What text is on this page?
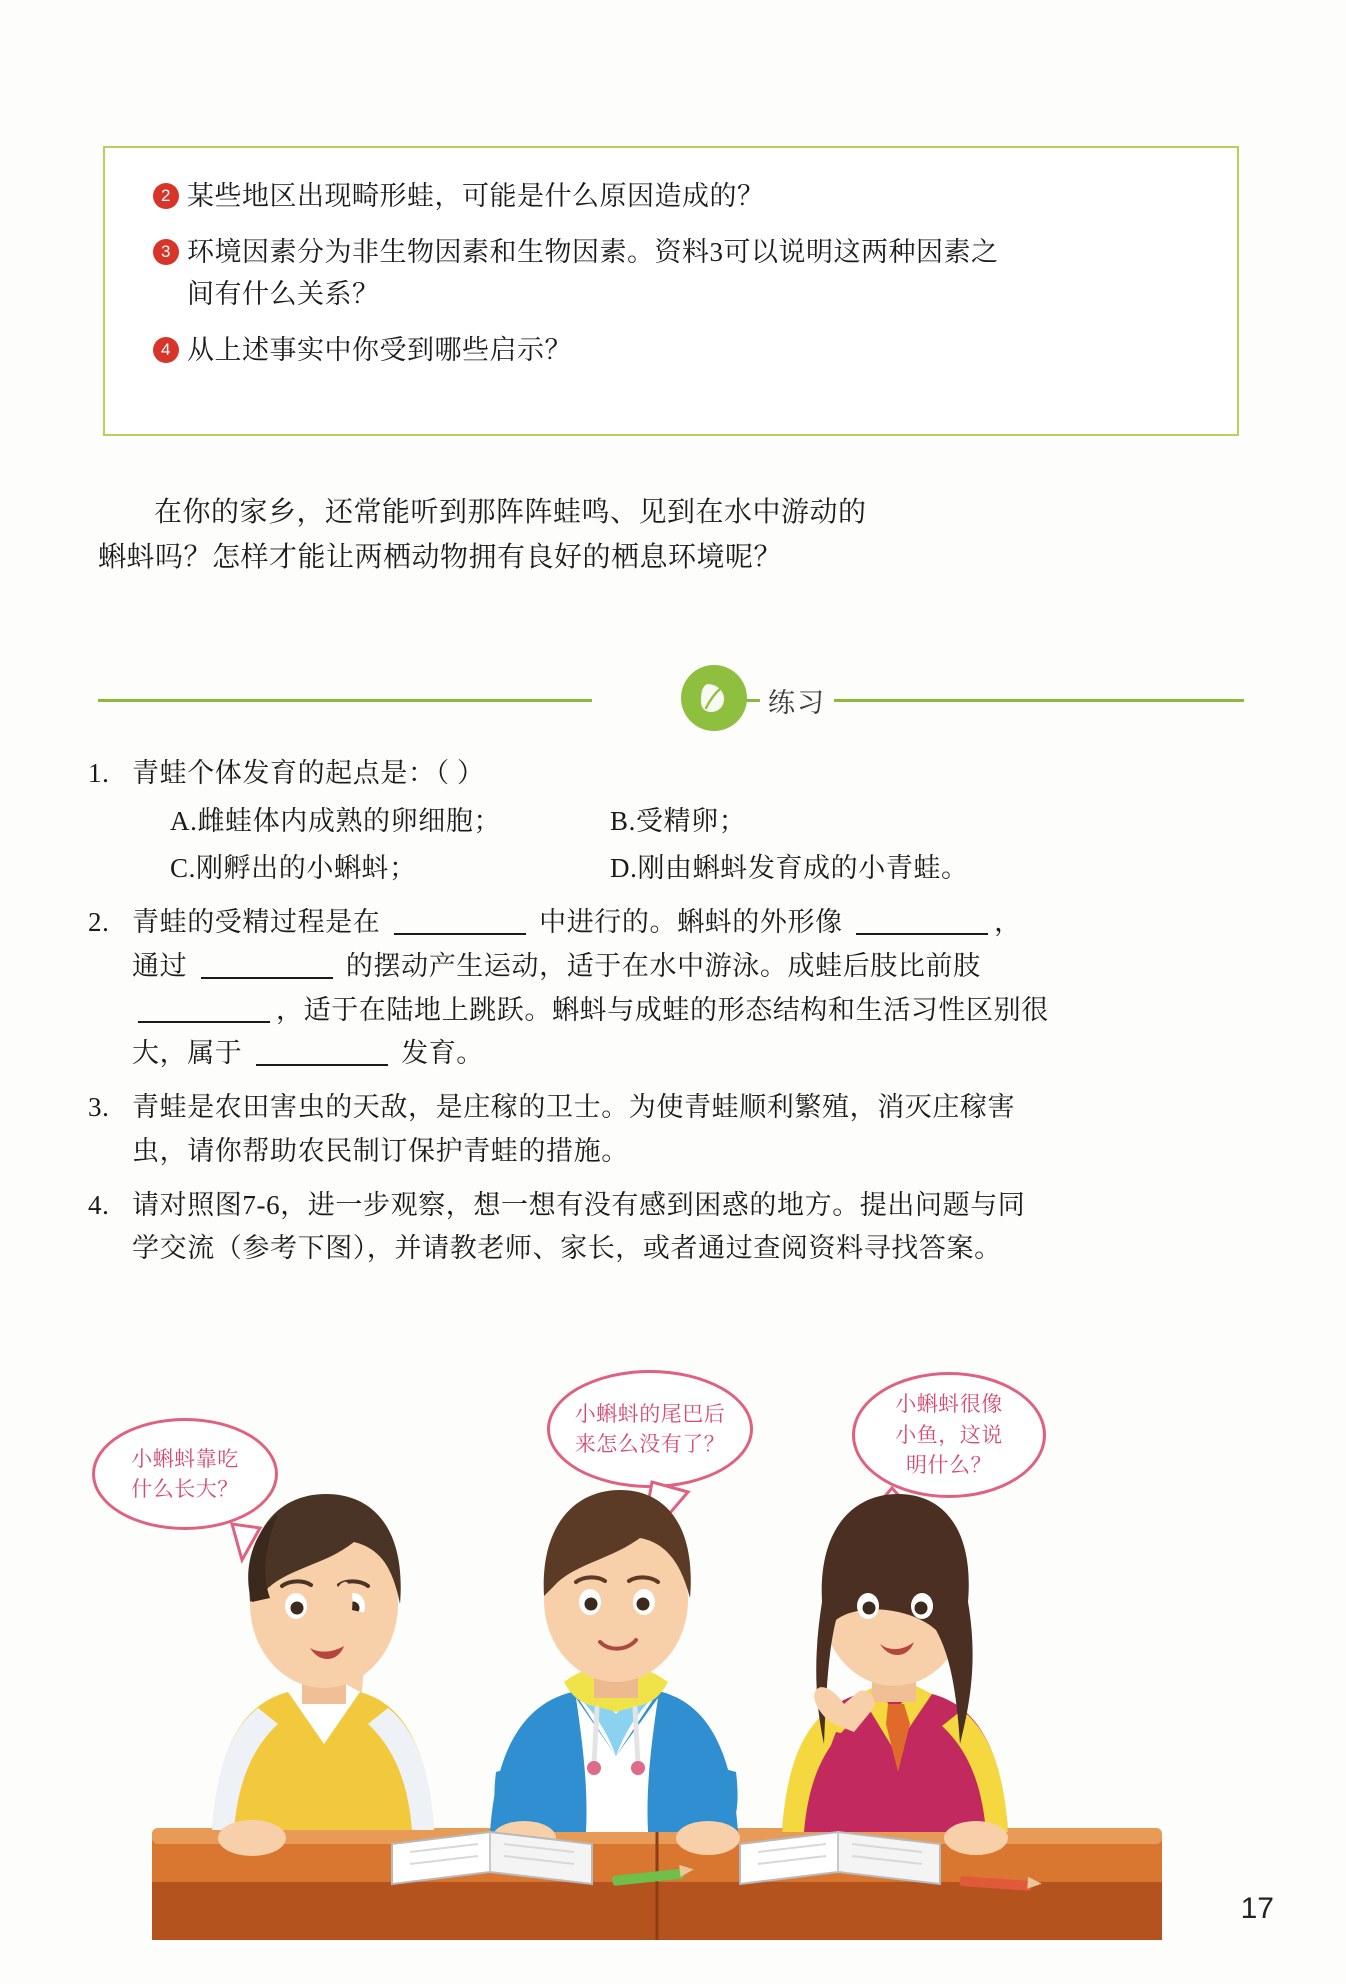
2 某些地区出现畸形蛙，可能是什么原因造成的？
3 环境因素分为非生物因素和生物因素。资料3可以说明这两种因素之
间有什么关系？
4 从上述事实中你受到哪些启示？

在你的家乡，还常能听到那阵阵蛙鸣、见到在水中游动的蝌蚪吗？怎样才能让两栖动物拥有良好的栖息环境呢？

练习
1. 青蛙个体发育的起点是：（ ）

A.雌蛙体内成熟的卵细胞；	B.受精卵；
C.刚孵出的小蝌蚪；	D.刚由蝌蚪发育成的小青蛙。
2. 青蛙的受精过程是在	中进行的。蝌蚪的外形像	，

通过	的摆动产生运动，适于在水中游泳。成蛙后肢比前肢

，适于在陆地上跳跃。蝌蚪与成蛙的形态结构和生活习性区别很

大，属于	发育。

3. 青蛙是农田害虫的天敌，是庄稼的卫士。为使青蛙顺利繁殖，消灭庄稼害

虫，请你帮助农民制订保护青蛙的措施。

4. 请对照图7-6，进一步观察，想一想有没有感到困惑的地方。提出问题与同

学交流（参考下图），并请教老师、家长，或者通过查阅资料寻找答案。

小蝌蚪靠吃
什么长大？
小蝌蚪的尾巴后
来怎么没有了？
小蝌蚪很像
小鱼，这说
明什么？
17
